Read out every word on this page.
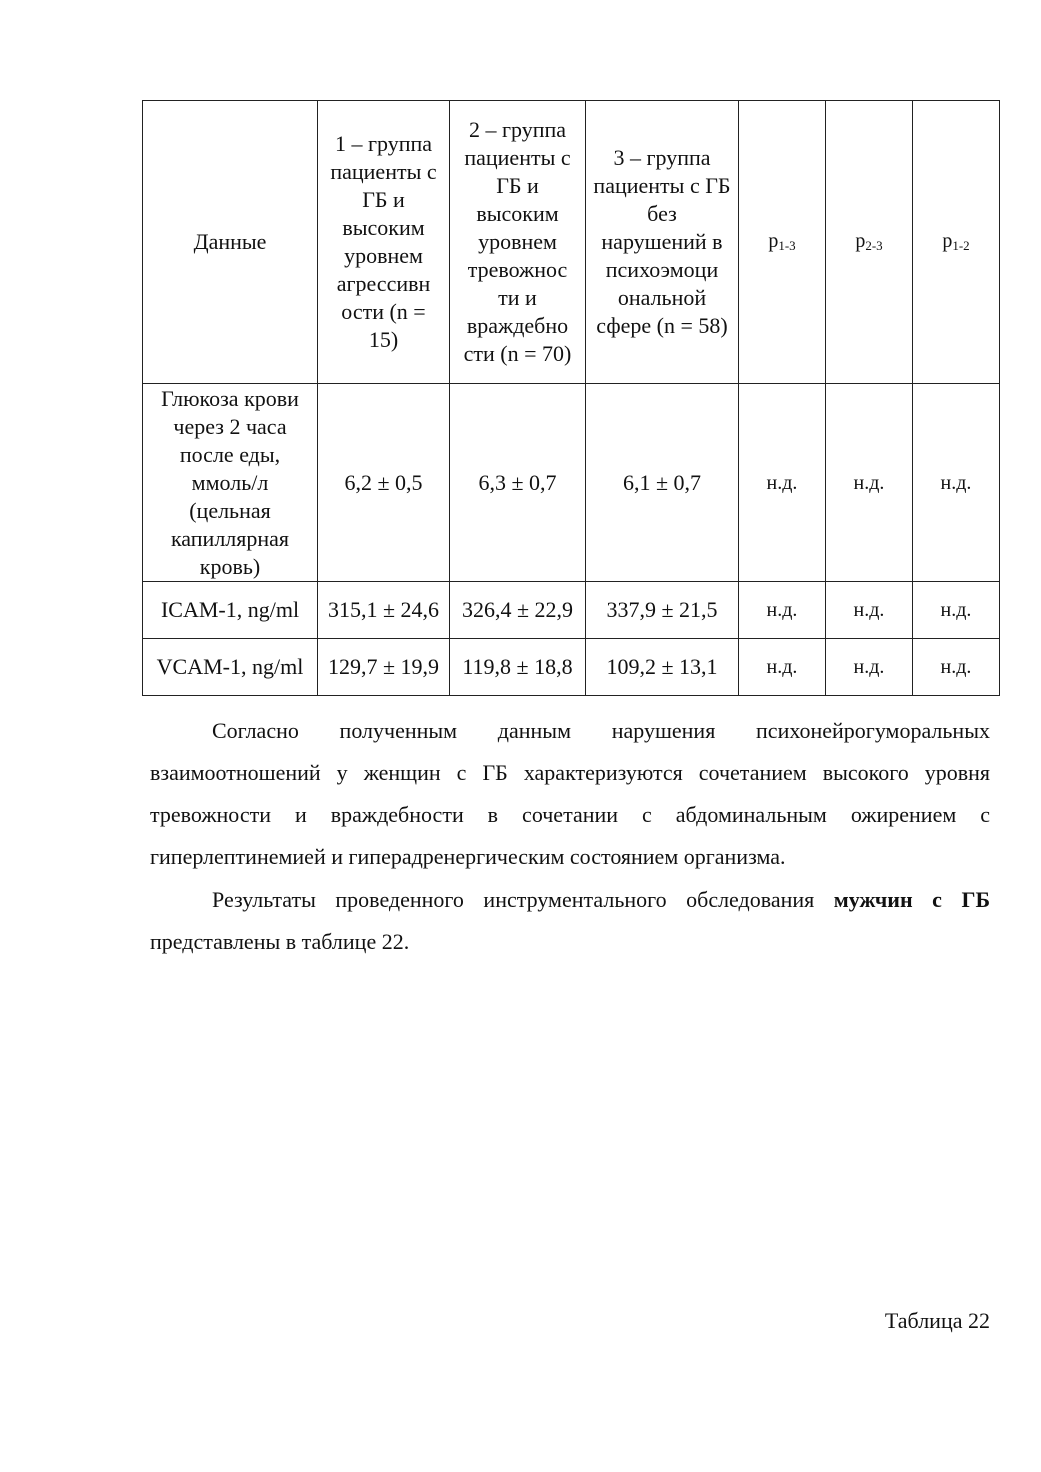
Данные	1 – группа пациенты с ГБ и высоким уровнем агрессивн ости (n = 15)	2 – группа пациенты с ГБ и высоким уровнем тревожнос ти и враждебно сти (n = 70)	3 – группа пациенты с ГБ без нарушений в психоэмоци ональной сфере (n = 58)	$p_{1-3}$	$p_{2-3}$	$p_{1-2}$
Глюкоза крови через 2 часа после еды, ммоль/л (цельная капиллярная кровь)	6,2 ± 0,5	6,3 ± 0,7	6,1 ± 0,7	н.д.	н.д.	н.д.
ICAM-1, ng/ml	315,1 ± 24,6	326,4 ± 22,9	337,9 ± 21,5	н.д.	н.д.	н.д.
VCAM-1, ng/ml	129,7 ± 19,9	119,8 ± 18,8	109,2 ± 13,1	н.д.	н.д.	н.д.

Согласно полученным данным нарушения психонейрогуморальных взаимоотношений у женщин с ГБ характеризуются сочетанием высокого уровня тревожности и враждебности в сочетании с абдоминальным ожирением с гиперлептинемией и гиперадренергическим состоянием организма.

Результаты проведенного инструментального обследования мужчин с ГБ представлены в таблице 22.

Таблица 22
